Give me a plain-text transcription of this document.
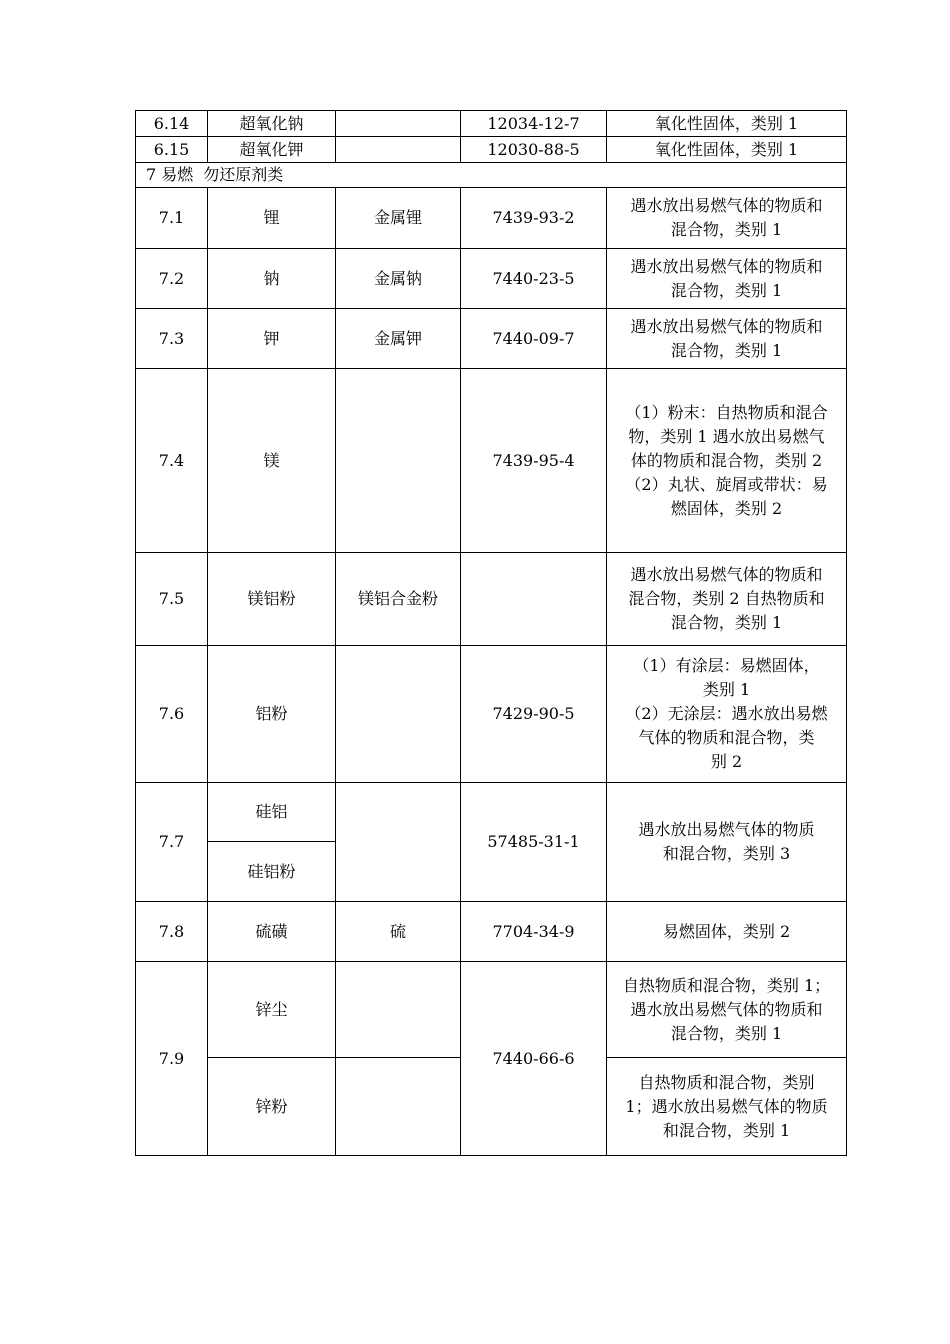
6.14	超氧化钠		12034-12-7	氧化性固体，类别 1
6.15	超氧化钾		12030-88-5	氧化性固体，类别 1
7 易燃 勿还原剂类				
7.1	锂	金属锂	7439-93-2	遇水放出易燃气体的物质和
混合物，类别 1

7.2	钠	金属钠	7440-23-5	遇水放出易燃气体的物质和
混合物，类别 1

7.3	钾	金属钾	7440-09-7	遇水放出易燃气体的物质和
混合物，类别 1

7.4	镁		7439-95-4	（1）粉末：自热物质和混合
物，类别 1 遇水放出易燃气
体的物质和混合物，类别 2
（2）丸状、旋屑或带状：易
燃固体，类别 2

7.5	镁铝粉	镁铝合金粉		遇水放出易燃气体的物质和
混合物，类别 2 自热物质和
混合物，类别 1

7.6	铝粉		7429-90-5	（1）有涂层：易燃固体，
类别 1
（2）无涂层：遇水放出易燃
气体的物质和混合物，类
别 2

7.7	硅铝		57485-31-1	遇水放出易燃气体的物质
和混合物，类别 3

	硅铝粉			
7.8	硫磺	硫	7704-34-9	易燃固体，类别 2

7.9	锌尘		7440-66-6	自热物质和混合物，类别 1；
遇水放出易燃气体的物质和
混合物，类别 1

	锌粉			自热物质和混合物，类别
1；遇水放出易燃气体的物质
和混合物，类别 1
